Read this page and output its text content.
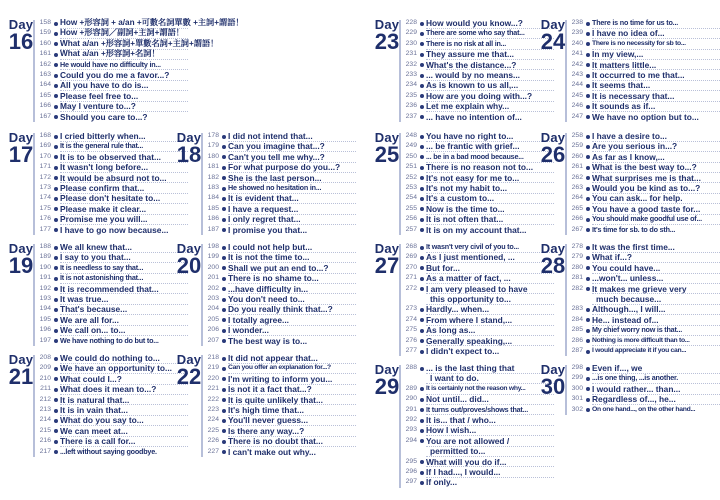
Day
16
158 How +形容詞 + a/an +可數名詞單數 +主詞+謂語！
159 How +形容詞／副詞+主詞+謂語！
160 What a/an +形容詞+單數名詞+主詞+謂語！
161 What a/an +形容詞+名詞！
162 He would have no difficulty in...
163 Could you do me a favor...?
164 All you have to do is...
165 Please feel free to...
166 May I venture to...?
167 Should you care to...?
Day
17
168 I cried bitterly when...
169 It is the general rule that...
170 It is to be observed that...
171 It wasn't long before...
172 It would be absurd not to...
173 Please confirm that...
174 Please don't hesitate to...
175 Please make it clear...
176 Promise me you will...
177 I have to go now because...
Day
18
178 I did not intend that...
179 Can you imagine that...?
180 Can't you tell me why...?
181 For what purpose do you...?
182 She is the last person...
183 He showed no hesitation in...
184 It is evident that...
185 I have a request...
186 I only regret that...
187 I promise you that...
Day
19
188 We all knew that...
189 I say to you that...
190 It is needless to say that...
191 It is not astonishing that...
192 It is recommended that...
193 It was true...
194 That's because...
195 We are all for...
196 We call on... to...
197 We have nothing to do but to...
Day
20
198 I could not help but...
199 It is not the time to...
200 Shall we put an end to...?
201 There is no shame to...
202 ...have difficulty in...
203 You don't need to...
204 Do you really think that...?
205 I totally agree...
206 I wonder...
207 The best way is to...
Day
21
208 We could do nothing to...
209 We have an opportunity to...
210 What could I...?
211 What does it mean to...?
212 It is natural that...
213 It is in vain that...
214 What do you say to...
215 We can meet at...
216 There is a call for...
217 ...left without saying goodbye.
Day
22
218 It did not appear that...
219 Can you offer an explanation for...?
220 I'm writing to inform you...
221 Is not it a fact that...?
222 It is quite unlikely that...
223 It's high time that...
224 You'll never guess...
225 Is there any way...?
226 There is no doubt that...
227 I can't make out why...
Day
23
228 How would you know...?
229 There are some who say that...
230 There is no risk at all in...
231 They assure me that...
232 What's the distance...?
233 ... would by no means...
234 As is known to us all,...
235 How are you doing with...?
236 Let me explain why...
237 ... have no intention of...
Day
24
238 There is no time for us to...
239 I have no idea of...
240 There is no necessity for sb to...
241 In my view,...
242 It matters little...
243 It occurred to me that...
244 It seems that...
245 It is necessary that...
246 It sounds as if...
247 We have no option but to...
Day
25
248 You have no right to...
249 ... be frantic with grief...
250 ... be in a bad mood because...
251 There is no reason not to...
252 It's not easy for me to...
253 It's not my habit to...
254 It's a custom to...
255 Now is the time to...
256 It is not often that...
257 It is on my account that...
Day
26
258 I have a desire to...
259 Are you serious in...?
260 As far as I know,...
261 What is the best way to...?
262 What surprises me is that...
263 Would you be kind as to...?
264 You can ask... for help.
265 You have a good taste for...
266 You should make goodful use of...
267 It's time for sb. to do sth...
Day
27
268 It wasn't very civil of you to...
269 As I just mentioned, ...
270 But for...
271 As a matter of fact, ...
272 I am very pleased to have
this opportunity to...
273 Hardly... when...
274 From where I stand,...
275 As long as...
276 Generally speaking,...
277 I didn't expect to...
Day
28
278 It was the first time...
279 What if...?
280 You could have...
281 ...won't... unless...
282 It makes me grieve very
much because...
283 Although..., I will...
284 He... instead of...
285 My chief worry now is that...
286 Nothing is more difficult than to...
287 I would appreciate it if you can...
Day
29
288 ... is the last thing that
I want to do.
289 It is certainly not the reason why...
290 Not until... did...
291 It turns out/proves/shows that...
292 It is... that / who...
293 How I wish...
294 You are not allowed /
permitted to...
295 What will you do if...
296 If I had..., I would...
297 If only...
Day
30
298 Even if..., we
299 ...is one thing, ...is another.
300 I would rather... than...
301 Regardless of..., he...
302 On one hand..., on the other hand...
